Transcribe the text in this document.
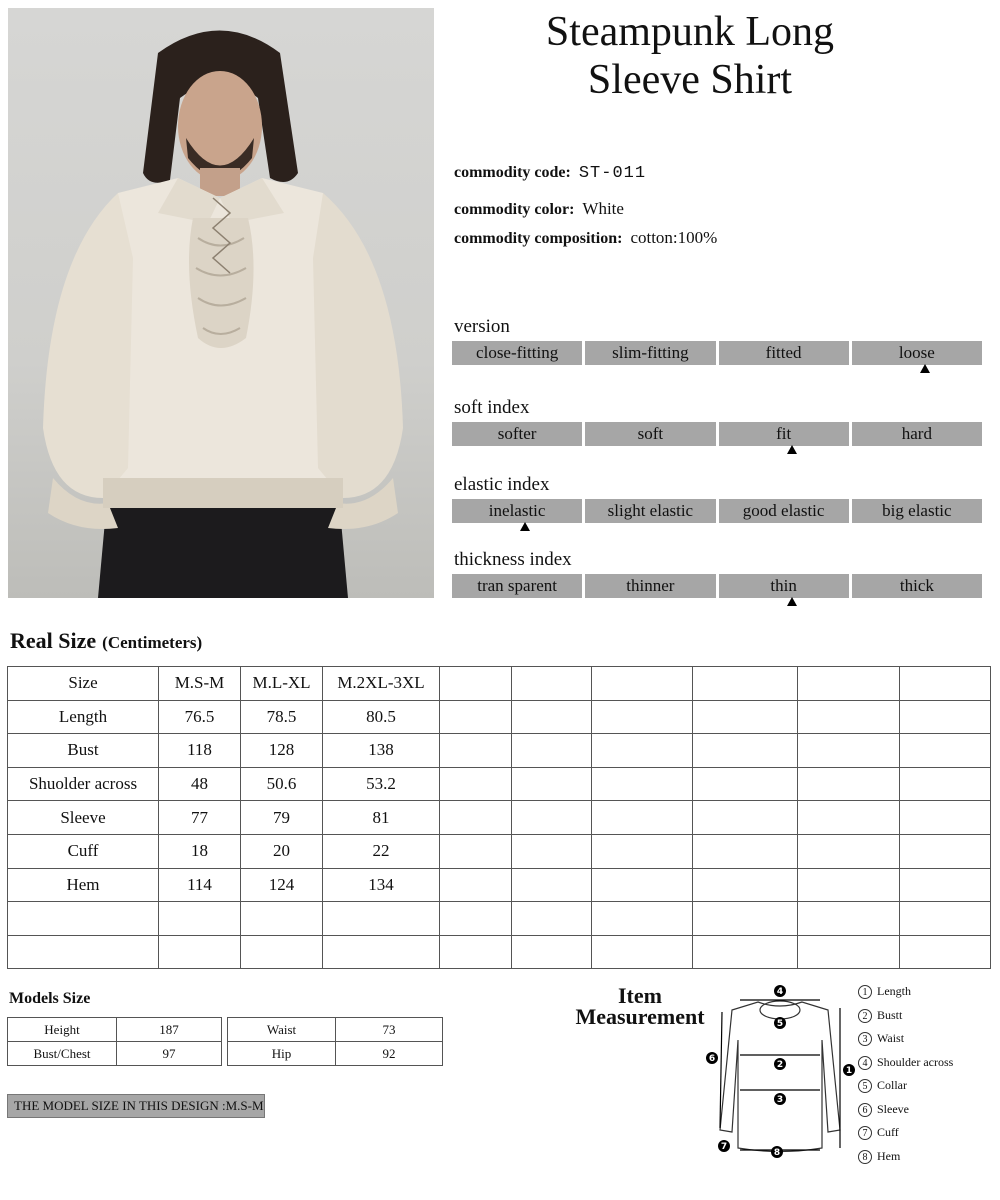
Steampunk Long
Sleeve Shirt
commodity code: ST-011
commodity color: White
commodity composition: cotton:100%
version
close-fitting	slim-fitting	fitted	loose
soft index
softer	soft	fit	hard
elastic index
inelastic	slight elastic	good elastic	big elastic
thickness index
tran sparent	thinner	thin	thick
Real Size (Centimeters)
Size	M.S-M	M.L-XL	M.2XL-3XL						
Length	76.5	78.5	80.5						
Bust	118	128	138						
Shuolder across	48	50.6	53.2						
Sleeve	77	79	81						
Cuff	18	20	22						
Hem	114	124	134						

Models Size
Height	187
Bust/Chest	97
Waist	73
Hip	92
THE MODEL SIZE IN THIS DESIGN :M.S-M
Item
Measurement
4
5
2
3
1
6
7
8
1 Length
2 Bustt
3 Waist
4 Shoulder across
5 Collar
6 Sleeve
7 Cuff
8 Hem
